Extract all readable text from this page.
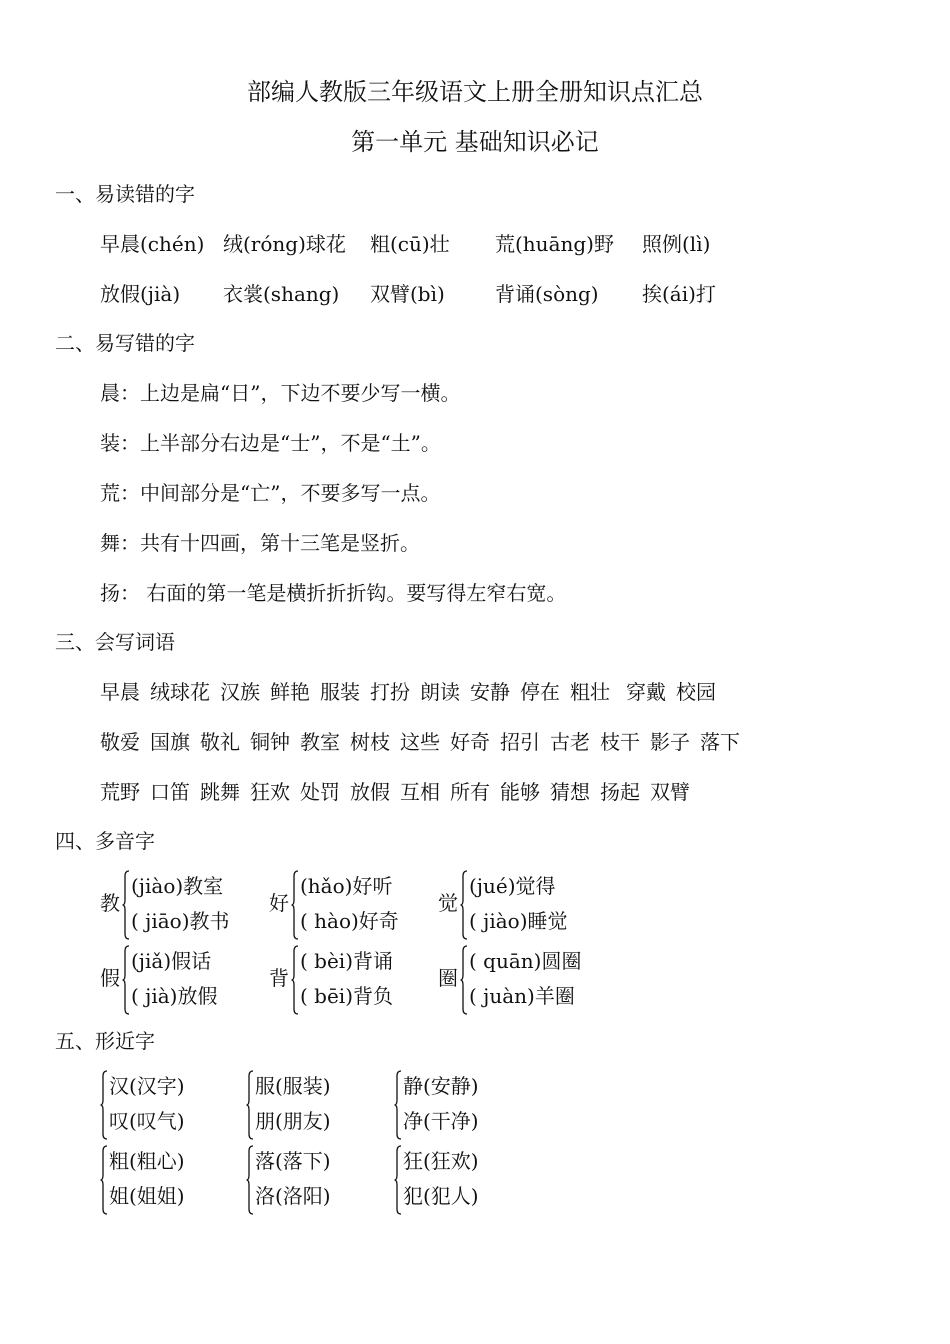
部编人教版三年级语文上册全册知识点汇总
第一单元 基础知识必记
一、易读错的字
早晨(chén) 绒(róng)球花 粗(cū)壮 荒(huāng)野 照例(lì)
放假(jià) 衣裳(shang) 双臂(bì)	背诵(sòng) 挨(ái)打
二、易写错的字
晨：上边是扁“日”，下边不要少写一横。
装：上半部分右边是“士”，不是“土”。
荒：中间部分是“亡”，不要多写一点。
舞：共有十四画，第十三笔是竖折。
扬： 右面的第一笔是横折折折钩。要写得左窄右宽。
三、会写词语
早晨 绒球花 汉族 鲜艳 服装 打扮 朗读 安静 停在 粗壮 穿戴 校园
敬爱 国旗 敬礼 铜钟 教室 树枝 这些 好奇 招引 古老 枝干 影子 落下
荒野 口笛 跳舞 狂欢 处罚 放假 互相 所有 能够 猜想 扬起 双臂
四、多音字
教
(jiào)教室
( jiāo)教书
好
(hǎo)好听
( hào)好奇
觉
(jué)觉得
( jiào)睡觉
假
(jiǎ)假话
( jià)放假
背
( bèi)背诵
( bēi)背负
圈
( quān)圆圈
( juàn)羊圈
五、形近字
汉(汉字)
叹(叹气)
服(服装)
朋(朋友)
静(安静)
净(干净)
粗(粗心)
姐(姐姐)
落(落下)
洛(洛阳)
狂(狂欢)
犯(犯人)
